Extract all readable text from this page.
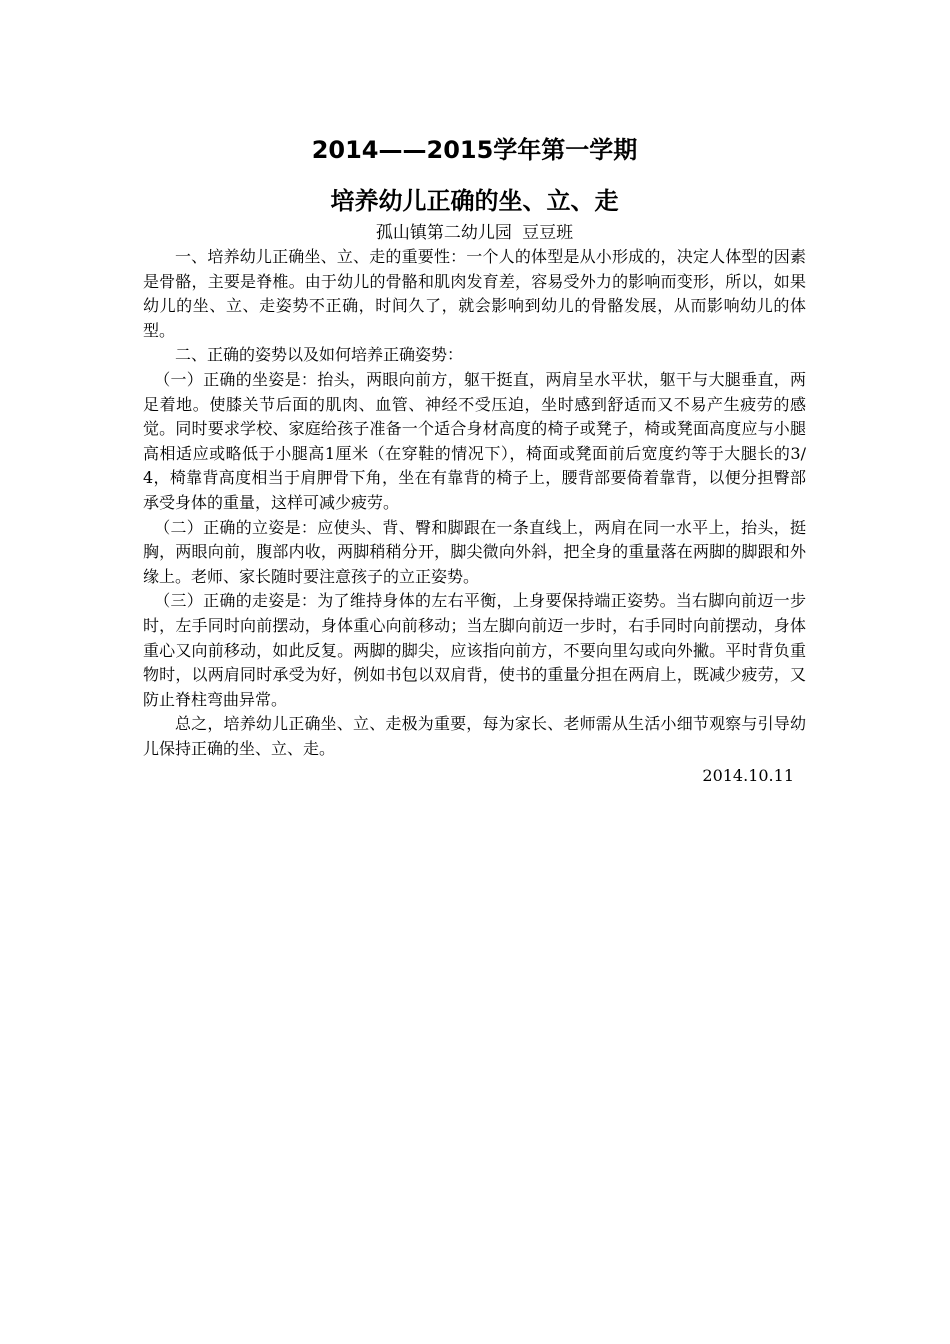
2014——2015学年第一学期
培养幼儿正确的坐、立、走

孤山镇第二幼儿园 豆豆班

一、培养幼儿正确坐、立、走的重要性：一个人的体型是从小形成的，决定人体型的因素是骨骼，主要是脊椎。由于幼儿的骨骼和肌肉发育差，容易受外力的影响而变形，所以，如果幼儿的坐、立、走姿势不正确，时间久了，就会影响到幼儿的骨骼发展，从而影响幼儿的体型。

二、正确的姿势以及如何培养正确姿势：

（一）正确的坐姿是：抬头，两眼向前方，躯干挺直，两肩呈水平状，躯干与大腿垂直，两足着地。使膝关节后面的肌肉、血管、神经不受压迫，坐时感到舒适而又不易产生疲劳的感觉。同时要求学校、家庭给孩子准备一个适合身材高度的椅子或凳子，椅或凳面高度应与小腿高相适应或略低于小腿高1厘米（在穿鞋的情况下），椅面或凳面前后宽度约等于大腿长的3/4，椅靠背高度相当于肩胛骨下角，坐在有靠背的椅子上，腰背部要倚着靠背，以便分担臀部承受身体的重量，这样可减少疲劳。

（二）正确的立姿是：应使头、背、臀和脚跟在一条直线上，两肩在同一水平上，抬头，挺胸，两眼向前，腹部内收，两脚稍稍分开，脚尖微向外斜，把全身的重量落在两脚的脚跟和外缘上。老师、家长随时要注意孩子的立正姿势。

（三）正确的走姿是：为了维持身体的左右平衡，上身要保持端正姿势。当右脚向前迈一步时，左手同时向前摆动，身体重心向前移动；当左脚向前迈一步时，右手同时向前摆动，身体重心又向前移动，如此反复。两脚的脚尖，应该指向前方，不要向里勾或向外撇。平时背负重物时，以两肩同时承受为好，例如书包以双肩背，使书的重量分担在两肩上，既减少疲劳，又防止脊柱弯曲异常。

总之，培养幼儿正确坐、立、走极为重要，每为家长、老师需从生活小细节观察与引导幼儿保持正确的坐、立、走。

2014.10.11
